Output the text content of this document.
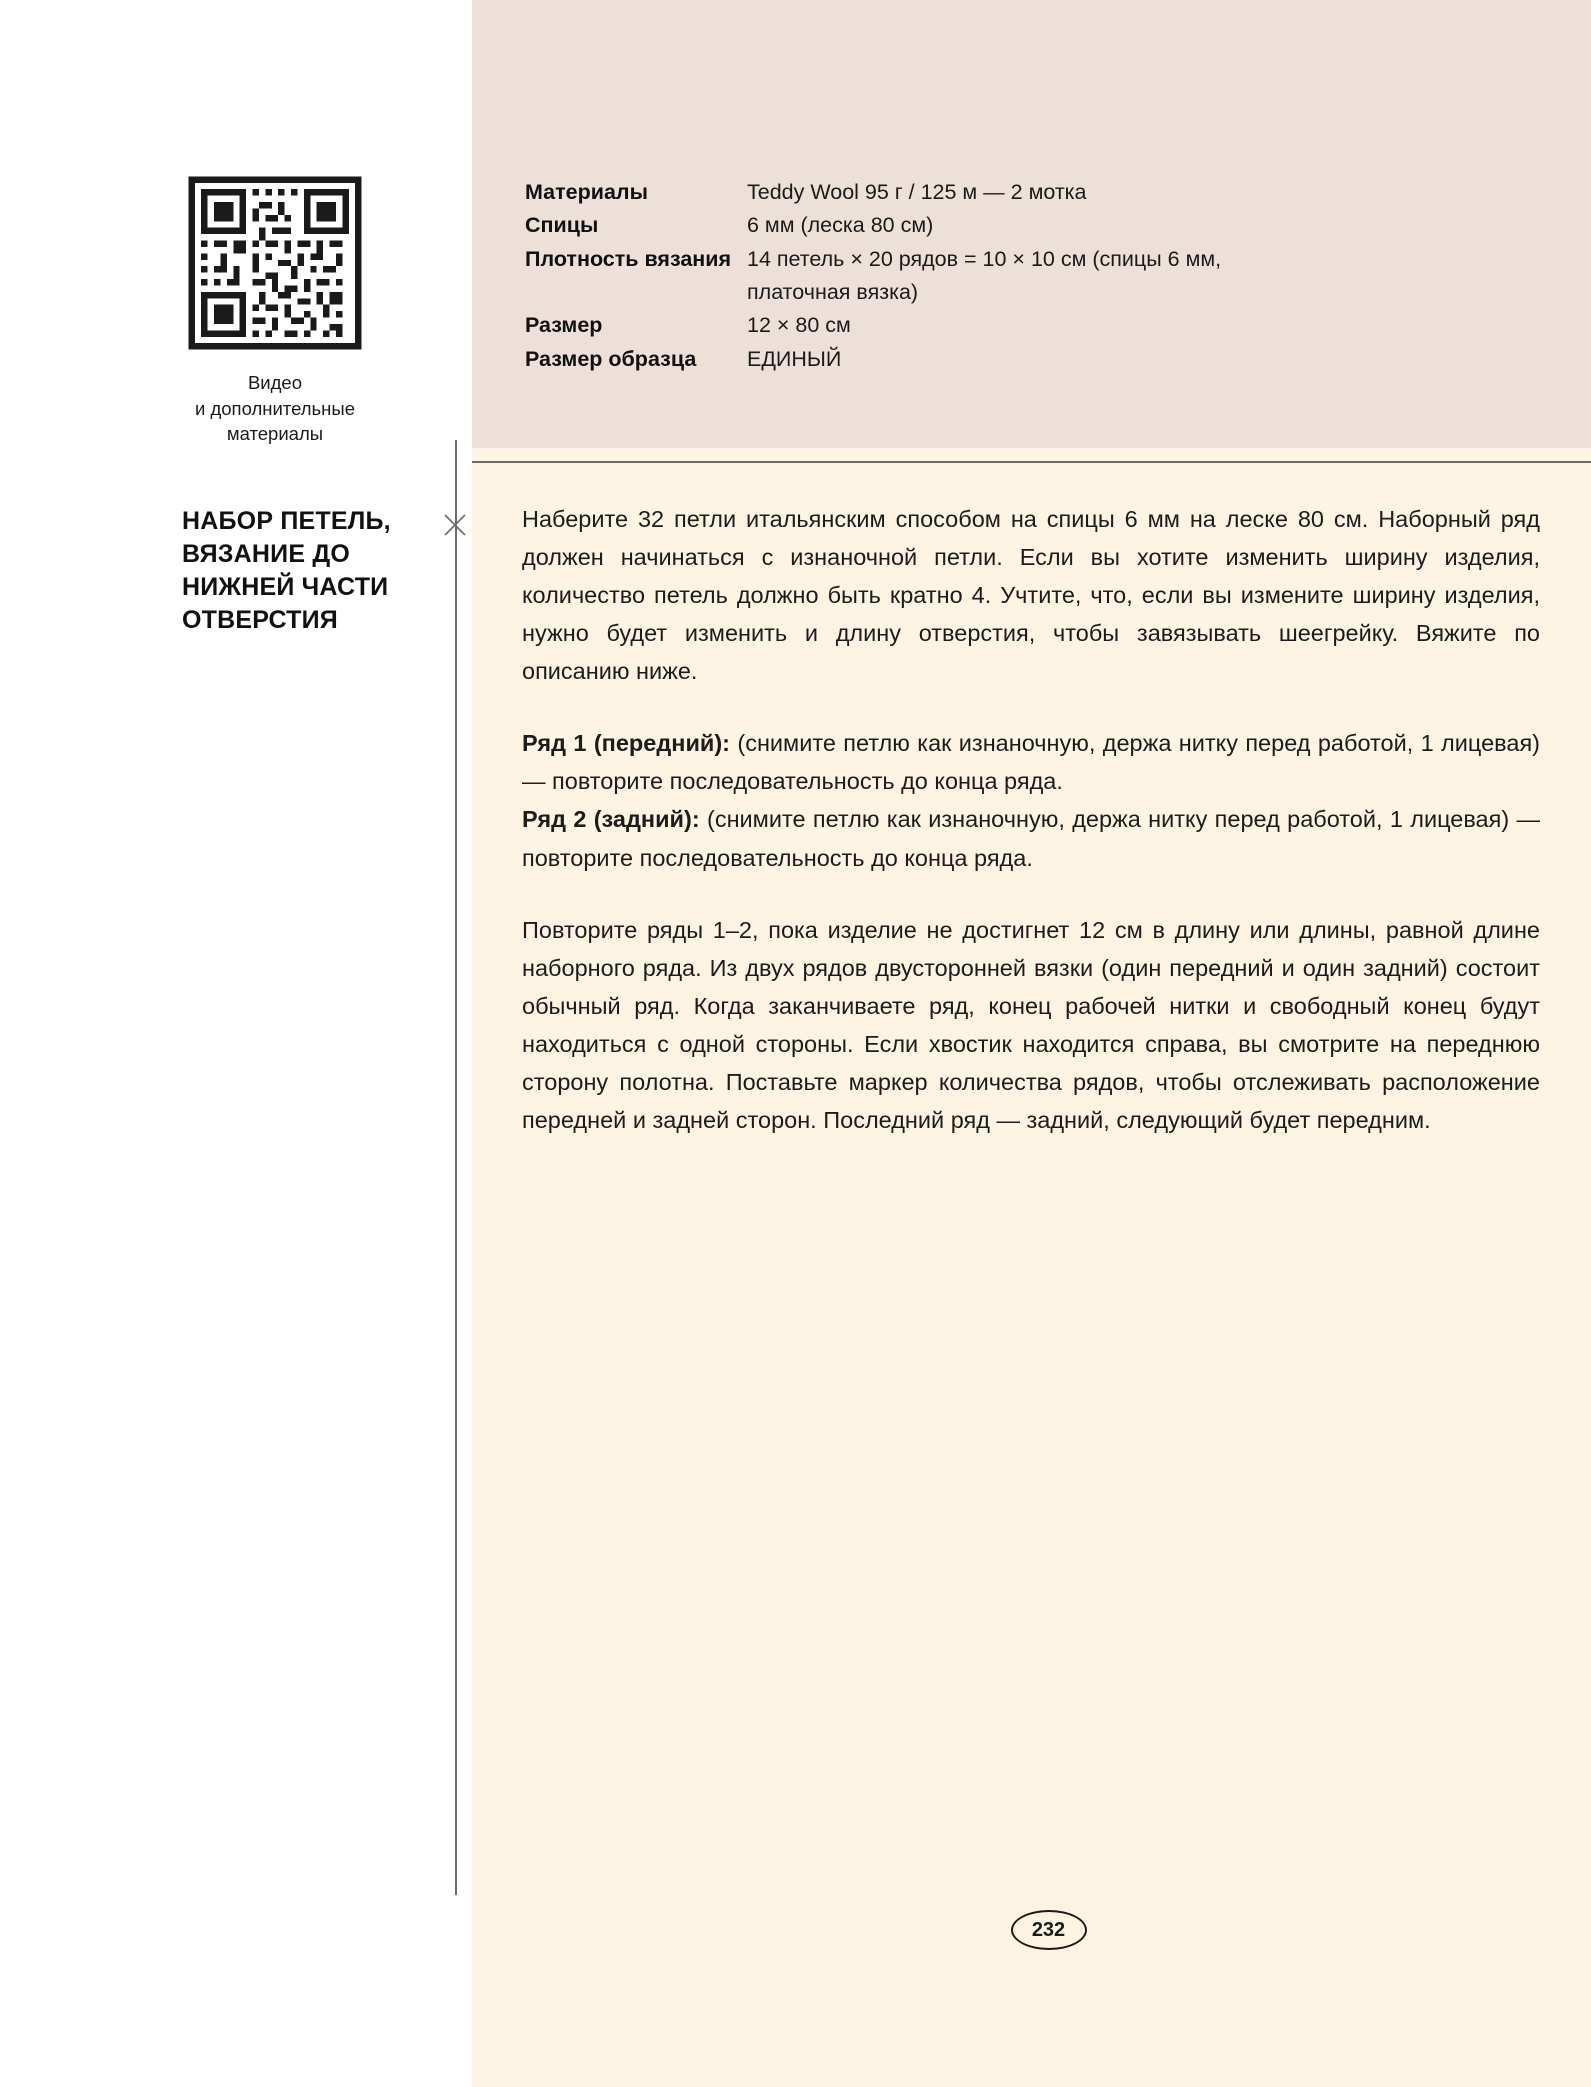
Видео
и дополнительные
материалы
НАБОР ПЕТЕЛЬ, ВЯЗАНИЕ ДО НИЖНЕЙ ЧАСТИ ОТВЕРСТИЯ
Материалы	Teddy Wool 95 г / 125 м — 2 мотка
Спицы	6 мм (леска 80 см)
Плотность вязания 14 петель × 20 рядов = 10 × 10 см (спицы 6 мм,
платочная вязка)
Размер	12 × 80 см
Размер образца	ЕДИНЫЙ

Наберите 32 петли итальянским способом на спицы 6 мм на леске 80 см. Наборный ряд должен начинаться с изнаночной петли. Если вы хотите изменить ширину изделия, количество петель должно быть кратно 4. Учтите, что, если вы измените ширину изделия, нужно будет изменить и длину отверстия, чтобы завязывать шеегрейку. Вяжите по описанию ниже.

Ряд 1 (передний): (снимите петлю как изнаночную, держа нитку перед работой, 1 лицевая) — повторите последовательность до конца ряда.
Ряд 2 (задний): (снимите петлю как изнаночную, держа нитку перед работой, 1 лицевая) — повторите последовательность до конца ряда.

Повторите ряды 1–2, пока изделие не достигнет 12 см в длину или длины, равной длине наборного ряда. Из двух рядов двусторонней вязки (один передний и один задний) состоит обычный ряд. Когда заканчиваете ряд, конец рабочей нитки и свободный конец будут находиться с одной стороны. Если хвостик находится справа, вы смотрите на переднюю сторону полотна. Поставьте маркер количества рядов, чтобы отслеживать расположение передней и задней сторон. Последний ряд — задний, следующий будет передним.

232
